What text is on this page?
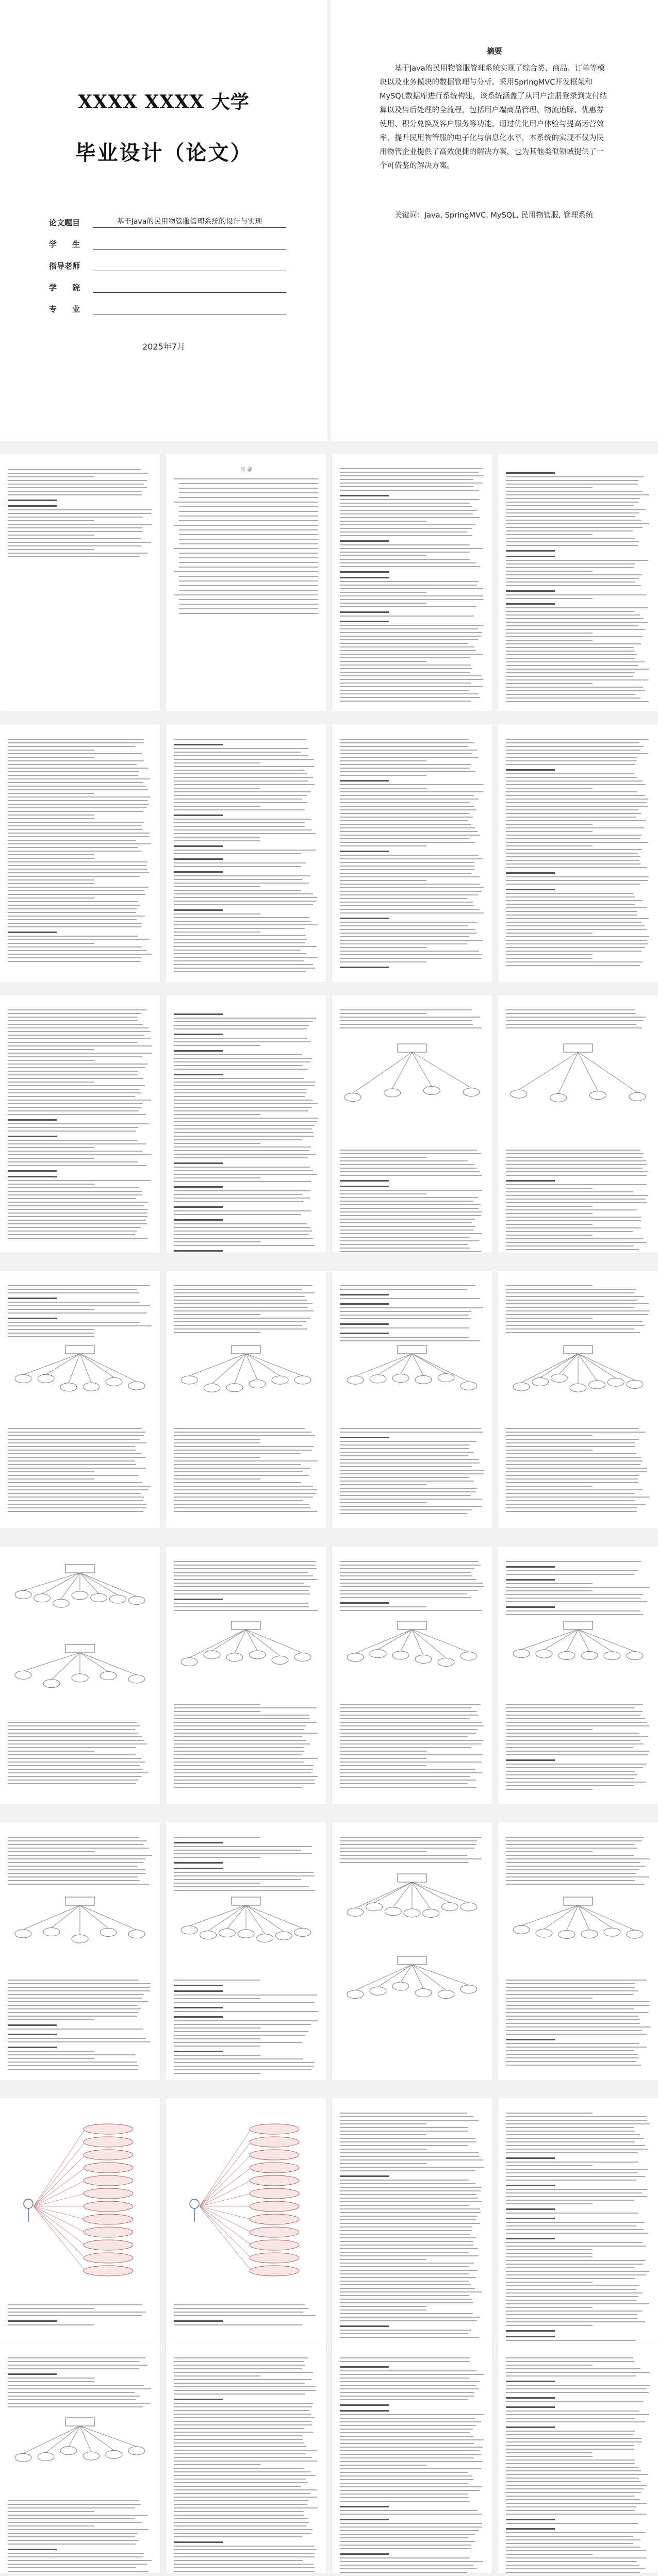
XXXX XXXX 大学
毕业设计（论文）
论文题目	基于Java的民用物管服管理系统的设计与实现
学　　生
指导老师
学　　院
专　　业
2025年7月
摘要
基于Java的民用物管服管理系统实现了综合类、商品、订单等模块以及业务模块的数据管理与分析。采用SpringMVC开发框架和MySQL数据库进行系统构建，该系统涵盖了从用户注册登录到支付结算以及售后处理的全流程，包括用户端商品管理、物流追踪、优惠券使用、积分兑换及客户服务等功能。通过优化用户体验与提高运营效率，提升民用物管服的电子化与信息化水平，本系统的实现不仅为民用物管企业提供了高效便捷的解决方案，也为其他类似领域提供了一个可借鉴的解决方案。
关键词：Java, SpringMVC, MySQL, 民用物管服, 管理系统
目 录
